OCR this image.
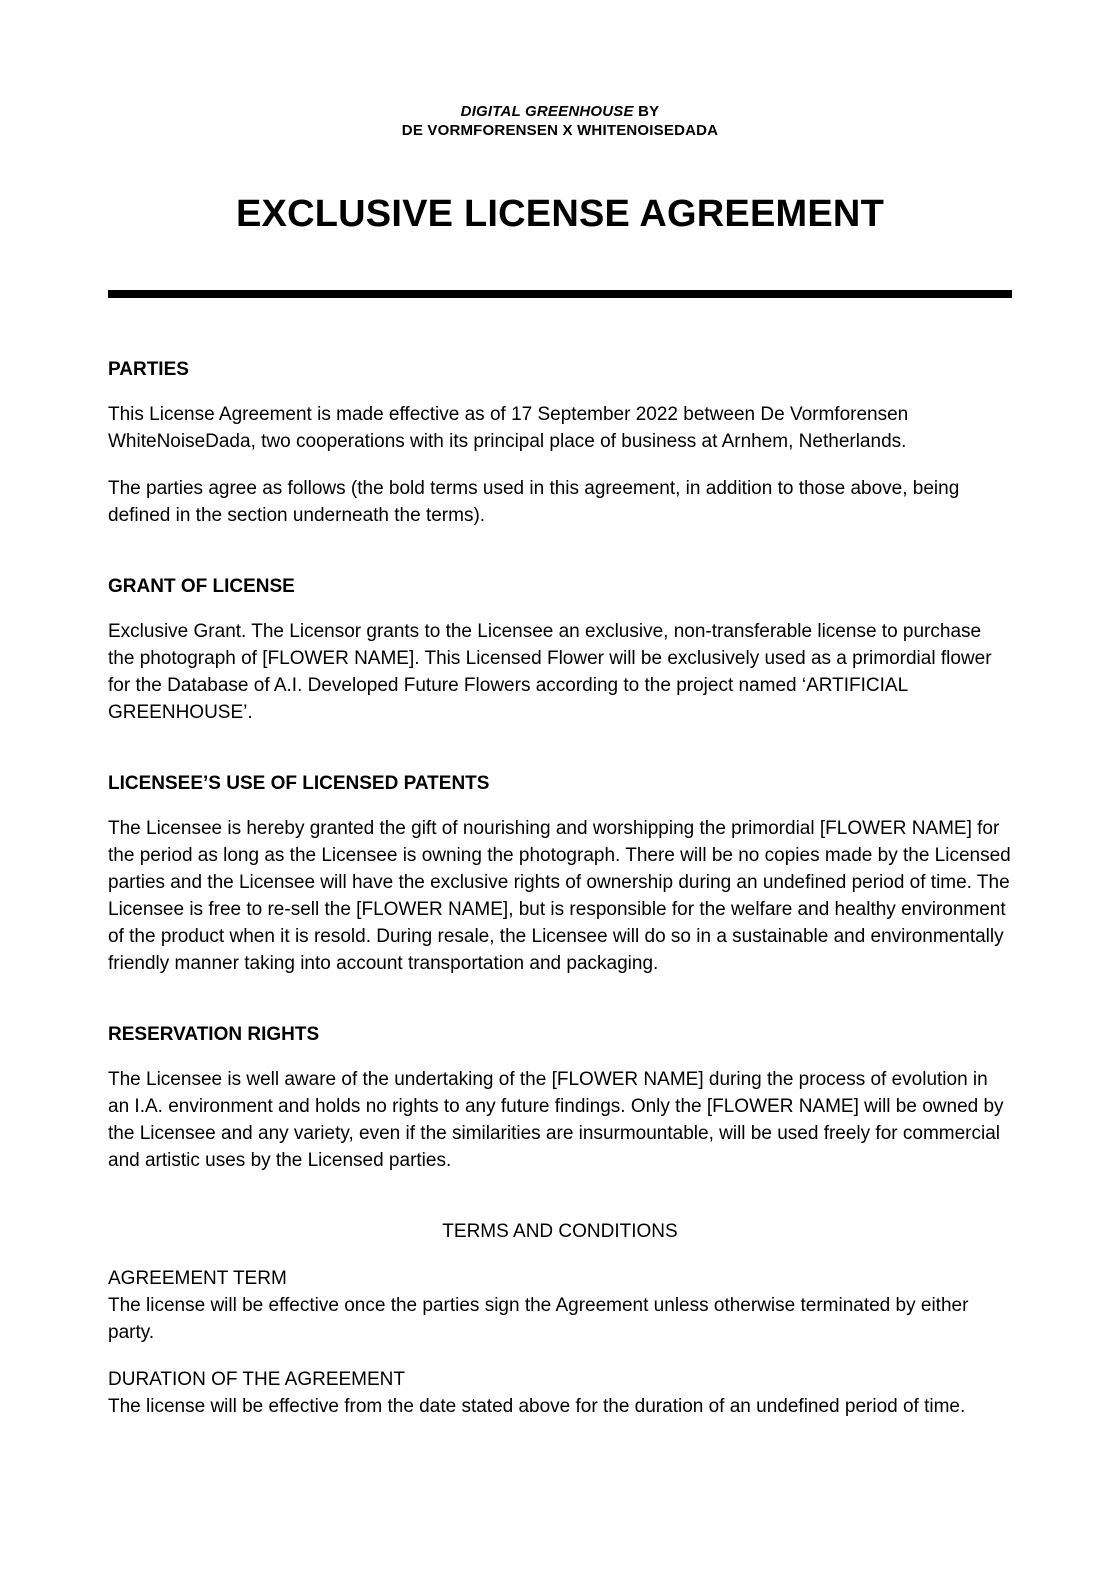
DIGITAL GREENHOUSE BY
DE VORMFORENSEN X WHITENOISEDADA
EXCLUSIVE LICENSE AGREEMENT
PARTIES

This License Agreement is made effective as of 17 September 2022 between De Vormforensen WhiteNoiseDada, two cooperations with its principal place of business at Arnhem, Netherlands.

The parties agree as follows (the bold terms used in this agreement, in addition to those above, being defined in the section underneath the terms).

GRANT OF LICENSE

Exclusive Grant. The Licensor grants to the Licensee an exclusive, non-transferable license to purchase the photograph of [FLOWER NAME]. This Licensed Flower will be exclusively used as a primordial flower for the Database of A.I. Developed Future Flowers according to the project named ‘ARTIFICIAL GREENHOUSE’.

LICENSEE’S USE OF LICENSED PATENTS

The Licensee is hereby granted the gift of nourishing and worshipping the primordial [FLOWER NAME] for the period as long as the Licensee is owning the photograph. There will be no copies made by the Licensed parties and the Licensee will have the exclusive rights of ownership during an undefined period of time. The Licensee is free to re-sell the [FLOWER NAME], but is responsible for the welfare and healthy environment of the product when it is resold. During resale, the Licensee will do so in a sustainable and environmentally friendly manner taking into account transportation and packaging.

RESERVATION RIGHTS

The Licensee is well aware of the undertaking of the [FLOWER NAME] during the process of evolution in an I.A. environment and holds no rights to any future findings. Only the [FLOWER NAME] will be owned by the Licensee and any variety, even if the similarities are insurmountable, will be used freely for commercial and artistic uses by the Licensed parties.

TERMS AND CONDITIONS
AGREEMENT TERM

The license will be effective once the parties sign the Agreement unless otherwise terminated by either party.

DURATION OF THE AGREEMENT

The license will be effective from the date stated above for the duration of an undefined period of time.
